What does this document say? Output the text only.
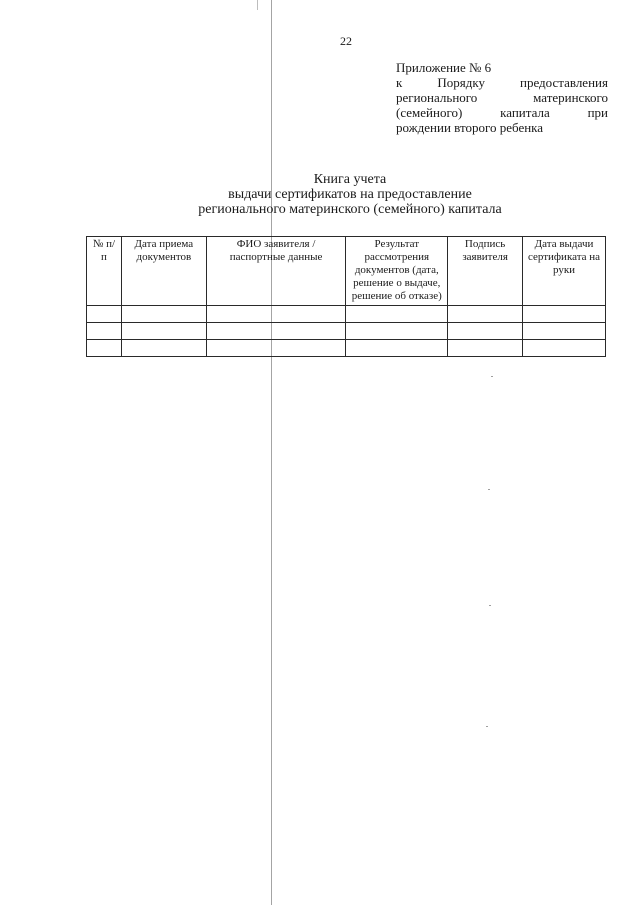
22
Приложение № 6
к	Порядку	предоставления
регионального	материнского
(семейного)	капитала	при
рождении второго ребенка
Книга учета
выдачи сертификатов на предоставление
регионального материнского (семейного) капитала
№ п/п	Дата приема документов	ФИО заявителя / паспортные данные	Результат рассмотрения документов (дата, решение о выдаче, решение об отказе)	Подпись заявителя	Дата выдачи сертификата на руки
